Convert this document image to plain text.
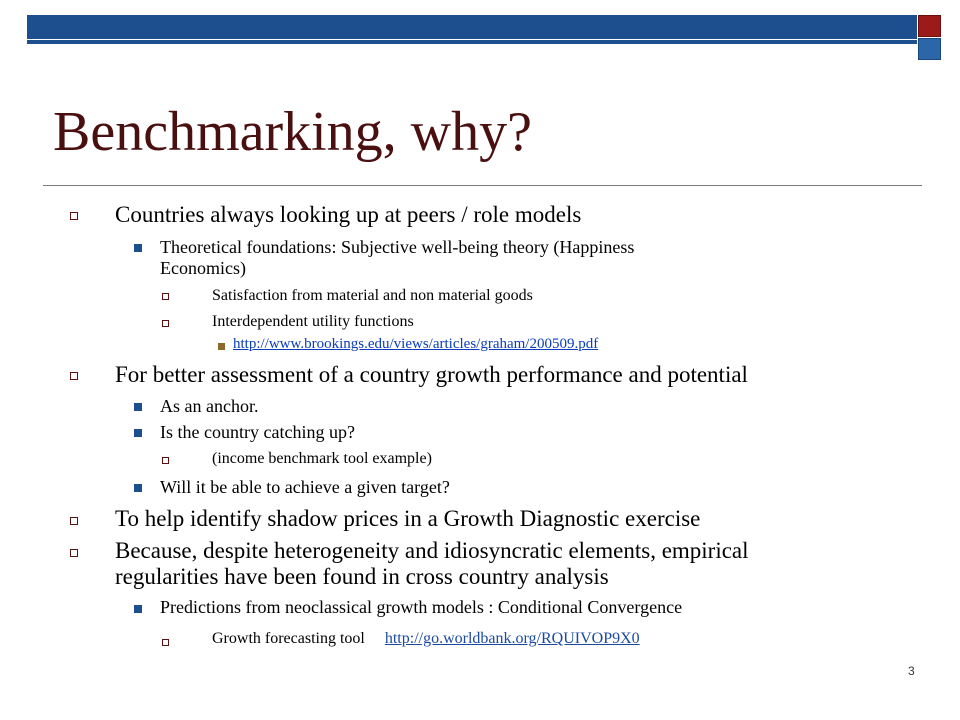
Benchmarking, why?
Countries always looking up at peers / role models
Theoretical foundations: Subjective well-being theory (Happiness
Economics)
Satisfaction from material and non material goods
Interdependent utility functions
http://www.brookings.edu/views/articles/graham/200509.pdf
For better assessment of a country growth performance and potential
As an anchor.
Is the country catching up?
(income benchmark tool example)
Will it be able to achieve a given target?
To help identify shadow prices in a Growth Diagnostic exercise
Because, despite heterogeneity and idiosyncratic elements, empirical
regularities have been found in cross country analysis
Predictions from neoclassical growth models : Conditional Convergence
Growth forecasting tool http://go.worldbank.org/RQUIVOP9X0
3
